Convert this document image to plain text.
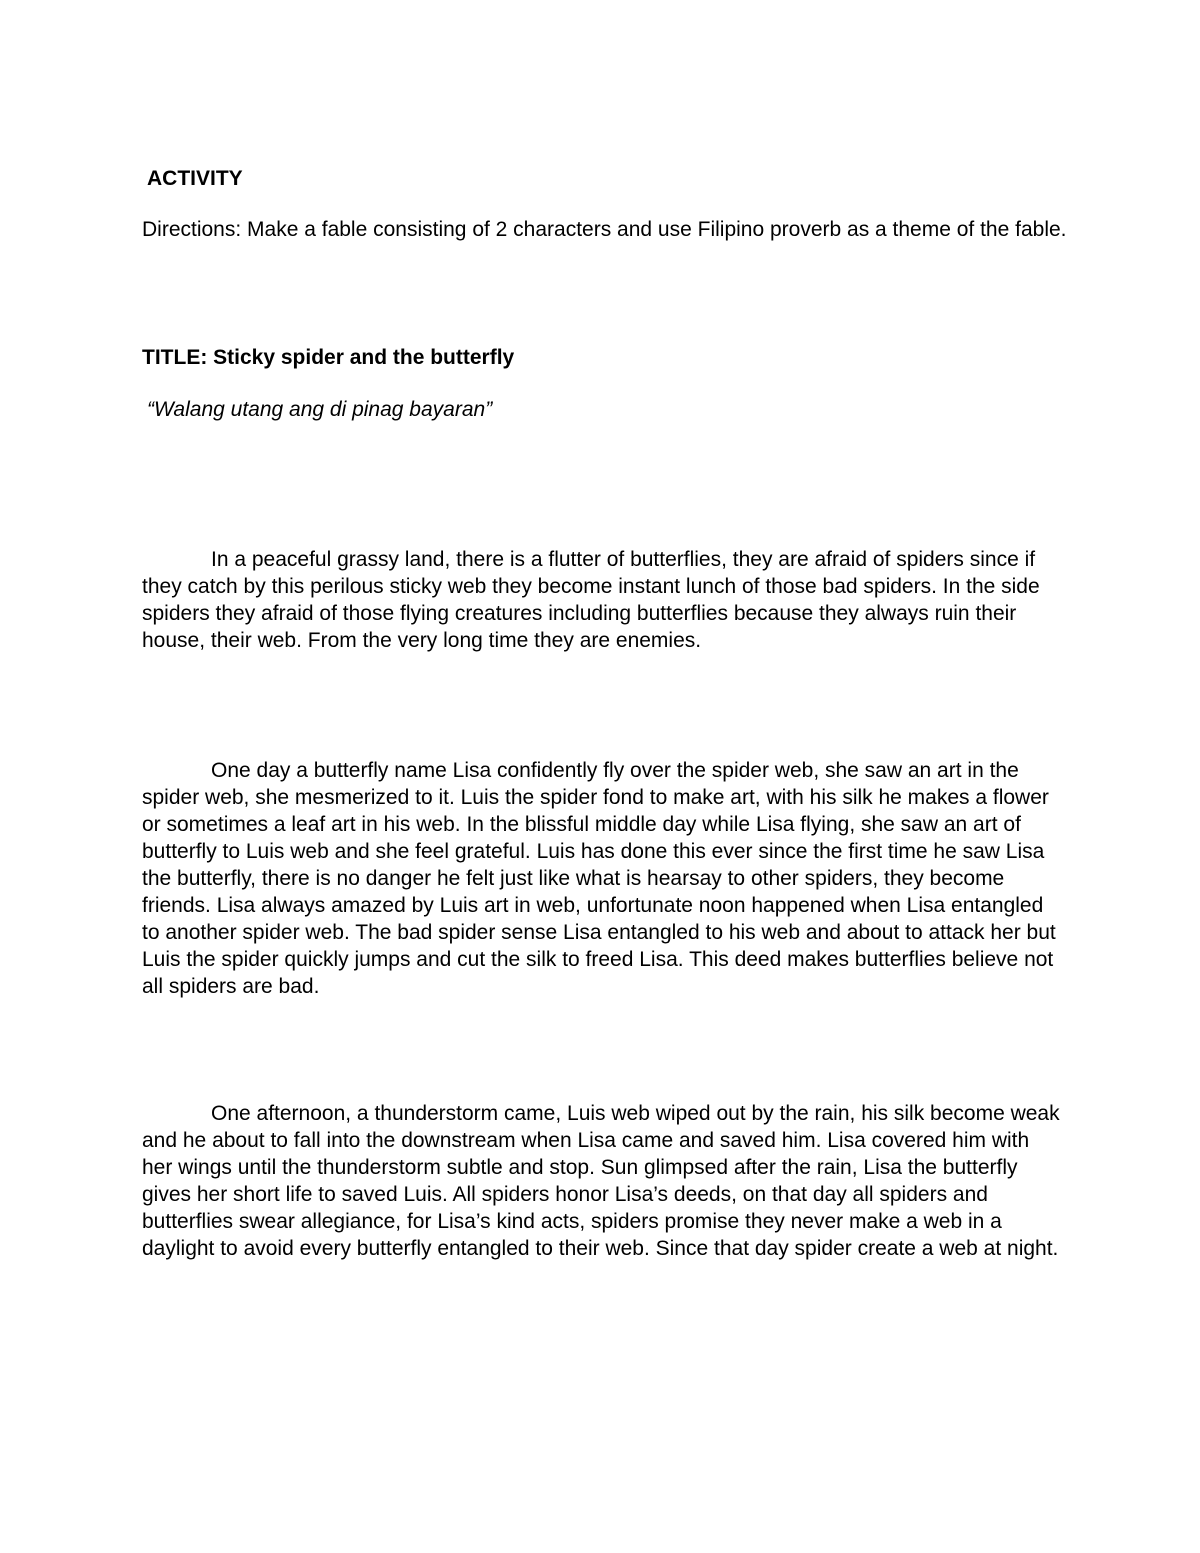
ACTIVITY

Directions: Make a fable consisting of 2 characters and use Filipino proverb as a theme of the fable.

TITLE: Sticky spider and the butterfly

“Walang utang ang di pinag bayaran”

In a peaceful grassy land, there is a flutter of butterflies, they are afraid of spiders since if they catch by this perilous sticky web they become instant lunch of those bad spiders. In the side spiders they afraid of those flying creatures including butterflies because they always ruin their house, their web. From the very long time they are enemies.

One day a butterfly name Lisa confidently fly over the spider web, she saw an art in the spider web, she mesmerized to it. Luis the spider fond to make art, with his silk he makes a flower or sometimes a leaf art in his web. In the blissful middle day while Lisa flying, she saw an art of butterfly to Luis web and she feel grateful. Luis has done this ever since the first time he saw Lisa the butterfly, there is no danger he felt just like what is hearsay to other spiders, they become friends. Lisa always amazed by Luis art in web, unfortunate noon happened when Lisa entangled to another spider web. The bad spider sense Lisa entangled to his web and about to attack her but Luis the spider quickly jumps and cut the silk to freed Lisa. This deed makes butterflies believe not all spiders are bad.

One afternoon, a thunderstorm came, Luis web wiped out by the rain, his silk become weak and he about to fall into the downstream when Lisa came and saved him. Lisa covered him with her wings until the thunderstorm subtle and stop. Sun glimpsed after the rain, Lisa the butterfly gives her short life to saved Luis. All spiders honor Lisa’s deeds, on that day all spiders and butterflies swear allegiance, for Lisa’s kind acts, spiders promise they never make a web in a daylight to avoid every butterfly entangled to their web. Since that day spider create a web at night.
